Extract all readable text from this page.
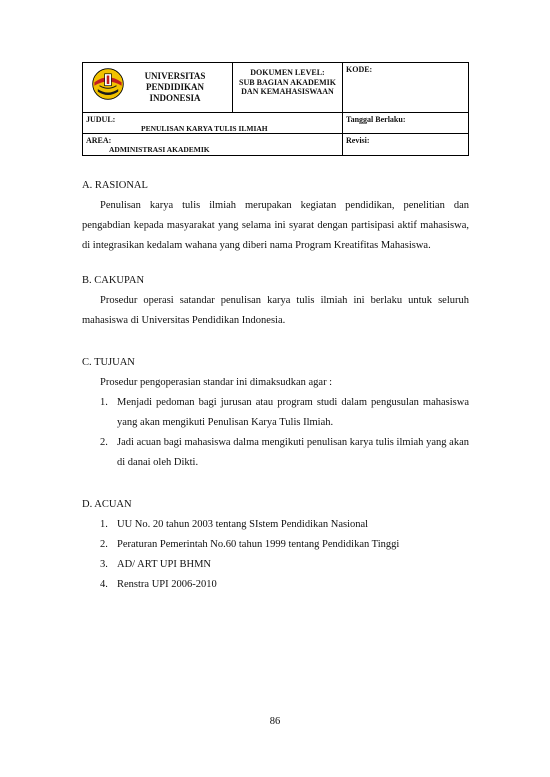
UNIVERSITAS
PENDIDIKAN
INDONESIA
DOKUMEN LEVEL:
SUB BAGIAN AKADEMIK
DAN KEMAHASISWAAN
KODE:
JUDUL:
PENULISAN KARYA TULIS ILMIAH
Tanggal Berlaku:
AREA:
ADMINISTRASI AKADEMIK
Revisi:

A. RASIONAL

Penulisan karya tulis ilmiah merupakan kegiatan pendidikan, penelitian dan pengabdian kepada masyarakat yang selama ini syarat dengan partisipasi aktif mahasiswa, di integrasikan kedalam wahana yang diberi nama Program Kreatifitas Mahasiswa.

B. CAKUPAN

Prosedur operasi satandar penulisan karya tulis ilmiah ini berlaku untuk seluruh mahasiswa di Universitas Pendidikan Indonesia.

C. TUJUAN

Prosedur pengoperasian standar ini dimaksudkan agar :

1. Menjadi pedoman bagi jurusan atau program studi dalam pengusulan mahasiswa yang akan mengikuti Penulisan Karya Tulis Ilmiah.
2. Jadi acuan bagi mahasiswa dalma mengikuti penulisan karya tulis ilmiah yang akan di danai oleh Dikti.

D. ACUAN

1. UU No. 20 tahun 2003 tentang SIstem Pendidikan Nasional
2. Peraturan Pemerintah No.60 tahun 1999 tentang Pendidikan Tinggi
3. AD/ ART UPI BHMN
4. Renstra UPI 2006-2010
86
